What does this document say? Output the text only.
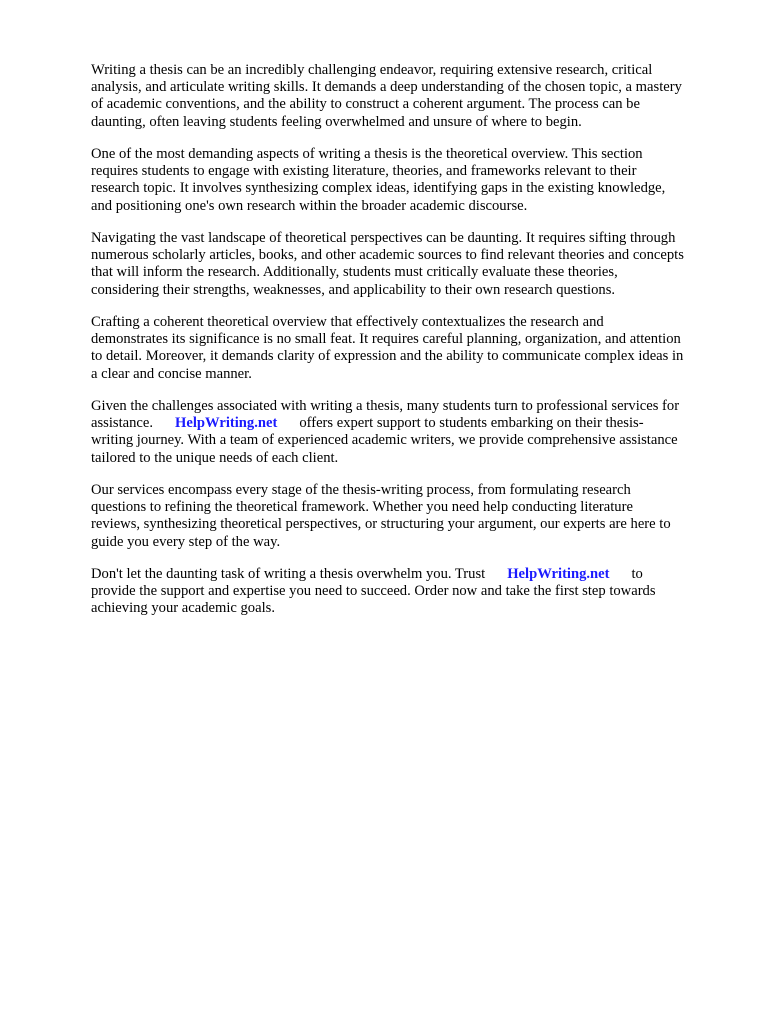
Writing a thesis can be an incredibly challenging endeavor, requiring extensive research, critical
analysis, and articulate writing skills. It demands a deep understanding of the chosen topic, a mastery
of academic conventions, and the ability to construct a coherent argument. The process can be
daunting, often leaving students feeling overwhelmed and unsure of where to begin.

One of the most demanding aspects of writing a thesis is the theoretical overview. This section
requires students to engage with existing literature, theories, and frameworks relevant to their
research topic. It involves synthesizing complex ideas, identifying gaps in the existing knowledge,
and positioning one's own research within the broader academic discourse.

Navigating the vast landscape of theoretical perspectives can be daunting. It requires sifting through
numerous scholarly articles, books, and other academic sources to find relevant theories and concepts
that will inform the research. Additionally, students must critically evaluate these theories,
considering their strengths, weaknesses, and applicability to their own research questions.

Crafting a coherent theoretical overview that effectively contextualizes the research and
demonstrates its significance is no small feat. It requires careful planning, organization, and attention
to detail. Moreover, it demands clarity of expression and the ability to communicate complex ideas in
a clear and concise manner.

Given the challenges associated with writing a thesis, many students turn to professional services for
assistance. HelpWriting.net offers expert support to students embarking on their thesis-
writing journey. With a team of experienced academic writers, we provide comprehensive assistance
tailored to the unique needs of each client.

Our services encompass every stage of the thesis-writing process, from formulating research
questions to refining the theoretical framework. Whether you need help conducting literature
reviews, synthesizing theoretical perspectives, or structuring your argument, our experts are here to
guide you every step of the way.

Don't let the daunting task of writing a thesis overwhelm you. Trust HelpWriting.net to
provide the support and expertise you need to succeed. Order now and take the first step towards
achieving your academic goals.
